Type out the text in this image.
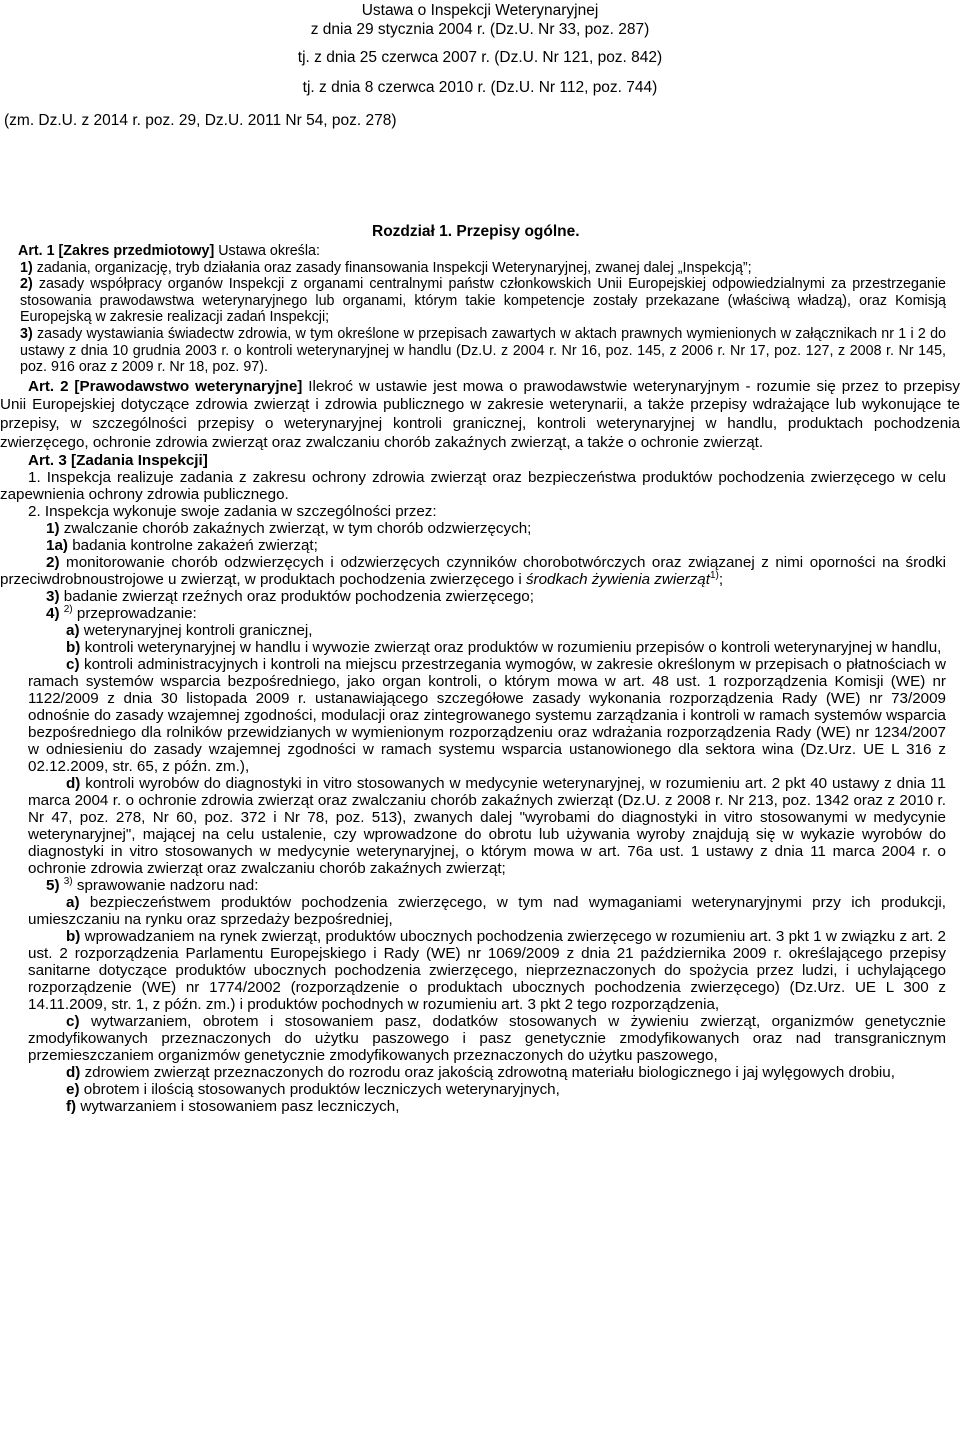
Ustawa o Inspekcji Weterynaryjnej
z dnia 29 stycznia 2004 r. (Dz.U. Nr 33, poz. 287)
tj. z dnia 25 czerwca 2007 r. (Dz.U. Nr 121, poz. 842)
tj. z dnia 8 czerwca 2010 r. (Dz.U. Nr 112, poz. 744)
(zm. Dz.U. z 2014 r. poz. 29, Dz.U. 2011 Nr 54, poz. 278)
Rozdział 1. Przepisy ogólne.

Art. 1 [Zakres przedmiotowy] Ustawa określa:

1) zadania, organizację, tryb działania oraz zasady finansowania Inspekcji Weterynaryjnej, zwanej dalej „Inspekcją”;

2) zasady współpracy organów Inspekcji z organami centralnymi państw członkowskich Unii Europejskiej odpowiedzialnymi za przestrzeganie stosowania prawodawstwa weterynaryjnego lub organami, którym takie kompetencje zostały przekazane (właściwą władzą), oraz Komisją Europejską w zakresie realizacji zadań Inspekcji;

3) zasady wystawiania świadectw zdrowia, w tym określone w przepisach zawartych w aktach prawnych wymienionych w załącznikach nr 1 i 2 do ustawy z dnia 10 grudnia 2003 r. o kontroli weterynaryjnej w handlu (Dz.U. z 2004 r. Nr 16, poz. 145, z 2006 r. Nr 17, poz. 127, z 2008 r. Nr 145, poz. 916 oraz z 2009 r. Nr 18, poz. 97).

Art. 2 [Prawodawstwo weterynaryjne] Ilekroć w ustawie jest mowa o prawodawstwie weterynaryjnym - rozumie się przez to przepisy Unii Europejskiej dotyczące zdrowia zwierząt i zdrowia publicznego w zakresie weterynarii, a także przepisy wdrażające lub wykonujące te przepisy, w szczególności przepisy o weterynaryjnej kontroli granicznej, kontroli weterynaryjnej w handlu, produktach pochodzenia zwierzęcego, ochronie zdrowia zwierząt oraz zwalczaniu chorób zakaźnych zwierząt, a także o ochronie zwierząt.

Art. 3 [Zadania Inspekcji]

1. Inspekcja realizuje zadania z zakresu ochrony zdrowia zwierząt oraz bezpieczeństwa produktów pochodzenia zwierzęcego w celu zapewnienia ochrony zdrowia publicznego.

2. Inspekcja wykonuje swoje zadania w szczególności przez:

1) zwalczanie chorób zakaźnych zwierząt, w tym chorób odzwierzęcych;

1a) badania kontrolne zakażeń zwierząt;

2) monitorowanie chorób odzwierzęcych i odzwierzęcych czynników chorobotwórczych oraz związanej z nimi oporności na środki przeciwdrobnoustrojowe u zwierząt, w produktach pochodzenia zwierzęcego i środkach żywienia zwierząt$^{1)}$;

3) badanie zwierząt rzeźnych oraz produktów pochodzenia zwierzęcego;

4) $^{2)}$ przeprowadzanie:

a) weterynaryjnej kontroli granicznej,

b) kontroli weterynaryjnej w handlu i wywozie zwierząt oraz produktów w rozumieniu przepisów o kontroli weterynaryjnej w handlu,

c) kontroli administracyjnych i kontroli na miejscu przestrzegania wymogów, w zakresie określonym w przepisach o płatnościach w ramach systemów wsparcia bezpośredniego, jako organ kontroli, o którym mowa w art. 48 ust. 1 rozporządzenia Komisji (WE) nr 1122/2009 z dnia 30 listopada 2009 r. ustanawiającego szczegółowe zasady wykonania rozporządzenia Rady (WE) nr 73/2009 odnośnie do zasady wzajemnej zgodności, modulacji oraz zintegrowanego systemu zarządzania i kontroli w ramach systemów wsparcia bezpośredniego dla rolników przewidzianych w wymienionym rozporządzeniu oraz wdrażania rozporządzenia Rady (WE) nr 1234/2007 w odniesieniu do zasady wzajemnej zgodności w ramach systemu wsparcia ustanowionego dla sektora wina (Dz.Urz. UE L 316 z 02.12.2009, str. 65, z późn. zm.),

d) kontroli wyrobów do diagnostyki in vitro stosowanych w medycynie weterynaryjnej, w rozumieniu art. 2 pkt 40 ustawy z dnia 11 marca 2004 r. o ochronie zdrowia zwierząt oraz zwalczaniu chorób zakaźnych zwierząt (Dz.U. z 2008 r. Nr 213, poz. 1342 oraz z 2010 r. Nr 47, poz. 278, Nr 60, poz. 372 i Nr 78, poz. 513), zwanych dalej "wyrobami do diagnostyki in vitro stosowanymi w medycynie weterynaryjnej", mającej na celu ustalenie, czy wprowadzone do obrotu lub używania wyroby znajdują się w wykazie wyrobów do diagnostyki in vitro stosowanych w medycynie weterynaryjnej, o którym mowa w art. 76a ust. 1 ustawy z dnia 11 marca 2004 r. o ochronie zdrowia zwierząt oraz zwalczaniu chorób zakaźnych zwierząt;

5) $^{3)}$ sprawowanie nadzoru nad:

a) bezpieczeństwem produktów pochodzenia zwierzęcego, w tym nad wymaganiami weterynaryjnymi przy ich produkcji, umieszczaniu na rynku oraz sprzedaży bezpośredniej,

b) wprowadzaniem na rynek zwierząt, produktów ubocznych pochodzenia zwierzęcego w rozumieniu art. 3 pkt 1 w związku z art. 2 ust. 2 rozporządzenia Parlamentu Europejskiego i Rady (WE) nr 1069/2009 z dnia 21 października 2009 r. określającego przepisy sanitarne dotyczące produktów ubocznych pochodzenia zwierzęcego, nieprzeznaczonych do spożycia przez ludzi, i uchylającego rozporządzenie (WE) nr 1774/2002 (rozporządzenie o produktach ubocznych pochodzenia zwierzęcego) (Dz.Urz. UE L 300 z 14.11.2009, str. 1, z późn. zm.) i produktów pochodnych w rozumieniu art. 3 pkt 2 tego rozporządzenia,

c) wytwarzaniem, obrotem i stosowaniem pasz, dodatków stosowanych w żywieniu zwierząt, organizmów genetycznie zmodyfikowanych przeznaczonych do użytku paszowego i pasz genetycznie zmodyfikowanych oraz nad transgranicznym przemieszczaniem organizmów genetycznie zmodyfikowanych przeznaczonych do użytku paszowego,

d) zdrowiem zwierząt przeznaczonych do rozrodu oraz jakością zdrowotną materiału biologicznego i jaj wylęgowych drobiu,

e) obrotem i ilością stosowanych produktów leczniczych weterynaryjnych,

f) wytwarzaniem i stosowaniem pasz leczniczych,
